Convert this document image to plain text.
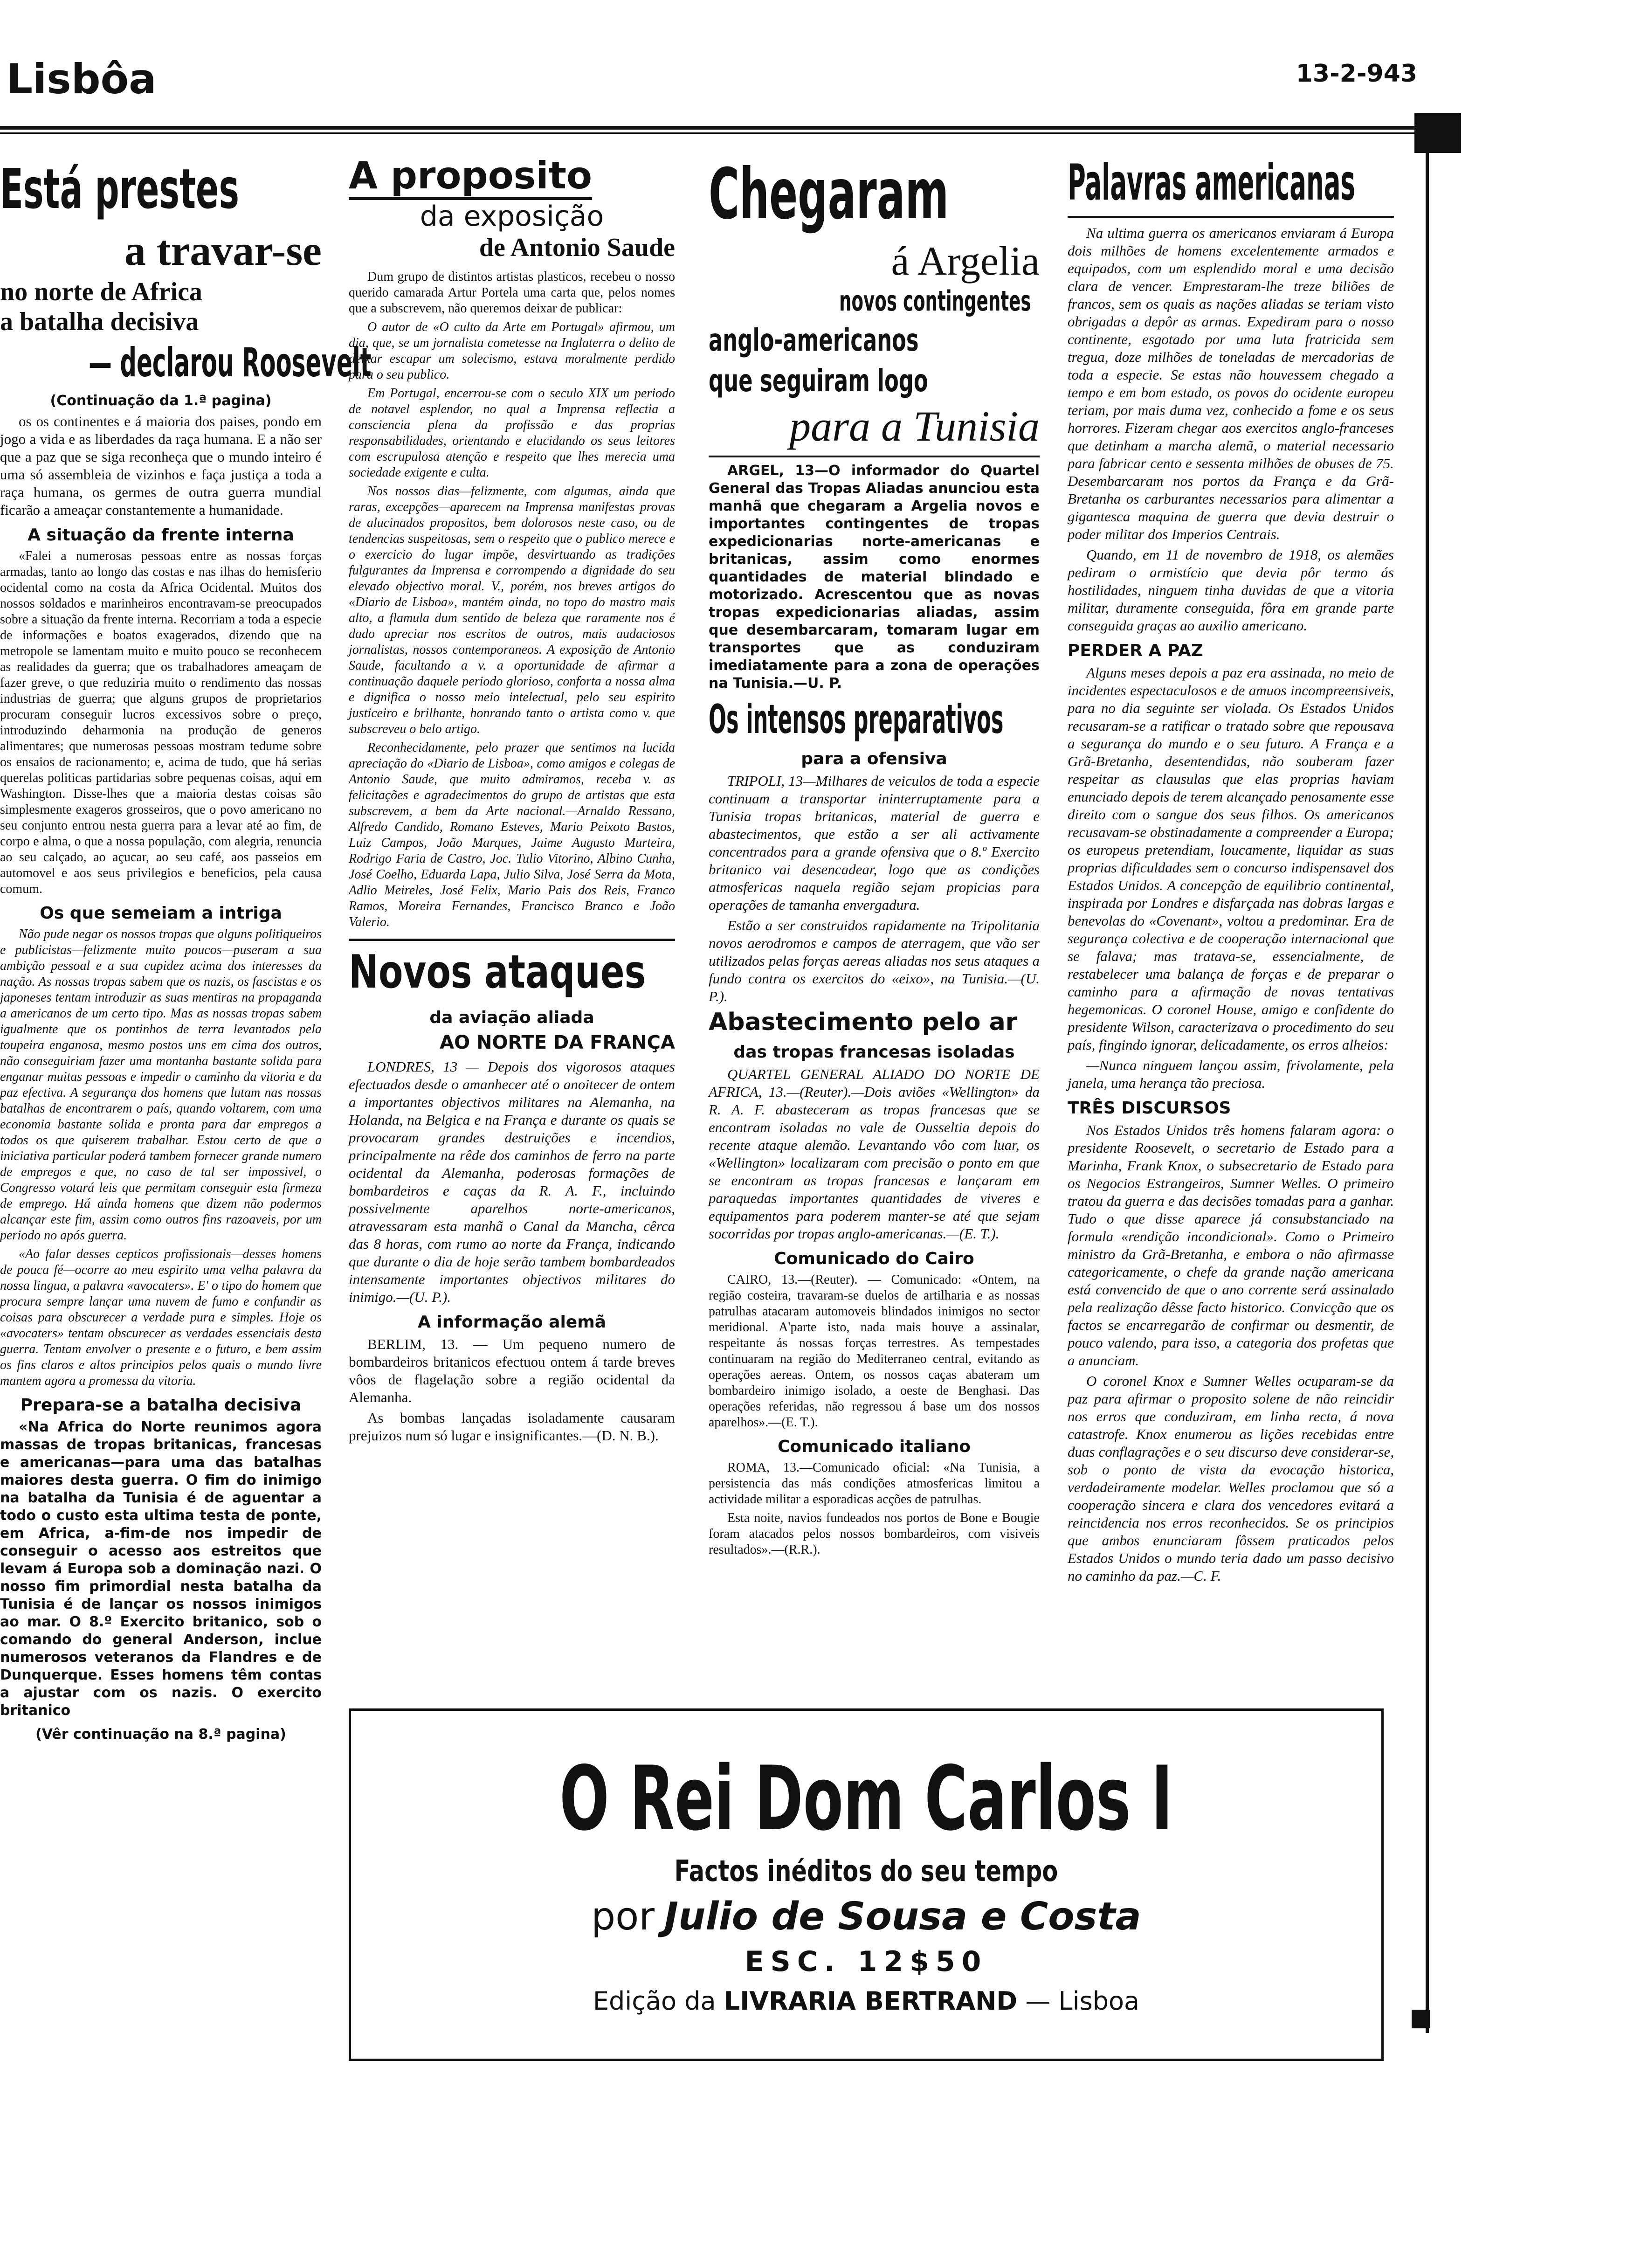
Lisbôa	13-2-943
Está prestes
a travar-se
no norte de Africa
a batalha decisiva
— declarou Roosevelt
(Continuação da 1.ª pagina)

os os continentes e á maioria dos paises, pondo em jogo a vida e as liberdades da raça humana. E a não ser que a paz que se siga reconheça que o mundo inteiro é uma só assembleia de vizinhos e faça justiça a toda a raça humana, os germes de outra guerra mundial ficarão a ameaçar constantemente a humanidade.

A situação da frente interna

«Falei a numerosas pessoas entre as nossas forças armadas, tanto ao longo das costas e nas ilhas do hemisferio ocidental como na costa da Africa Ocidental. Muitos dos nossos soldados e marinheiros encontravam-se preocupados sobre a situação da frente interna. Recorriam a toda a especie de informações e boatos exagerados, dizendo que na metropole se lamentam muito e muito pouco se reconhecem as realidades da guerra; que os trabalhadores ameaçam de fazer greve, o que reduziria muito o rendimento das nossas industrias de guerra; que alguns grupos de proprietarios procuram conseguir lucros excessivos sobre o preço, introduzindo deharmonia na produção de generos alimentares; que numerosas pessoas mostram tedume sobre os ensaios de racionamento; e, acima de tudo, que há serias querelas politicas partidarias sobre pequenas coisas, aqui em Washington. Disse-lhes que a maioria destas coisas são simplesmente exageros grosseiros, que o povo americano no seu conjunto entrou nesta guerra para a levar até ao fim, de corpo e alma, o que a nossa população, com alegria, renuncia ao seu calçado, ao açucar, ao seu café, aos passeios em automovel e aos seus privilegios e beneficios, pela causa comum.

Os que semeiam a intriga

Não pude negar os nossos tropas que alguns politiqueiros e publicistas—felizmente muito poucos—puseram a sua ambição pessoal e a sua cupidez acima dos interesses da nação. As nossas tropas sabem que os nazis, os fascistas e os japoneses tentam introduzir as suas mentiras na propaganda a americanos de um certo tipo. Mas as nossas tropas sabem igualmente que os pontinhos de terra levantados pela toupeira enganosa, mesmo postos uns em cima dos outros, não conseguiriam fazer uma montanha bastante solida para enganar muitas pessoas e impedir o caminho da vitoria e da paz efectiva. A segurança dos homens que lutam nas nossas batalhas de encontrarem o país, quando voltarem, com uma economia bastante solida e pronta para dar empregos a todos os que quiserem trabalhar. Estou certo de que a iniciativa particular poderá tambem fornecer grande numero de empregos e que, no caso de tal ser impossivel, o Congresso votará leis que permitam conseguir esta firmeza de emprego. Há ainda homens que dizem não podermos alcançar este fim, assim como outros fins razoaveis, por um periodo no após guerra.

«Ao falar desses cepticos profissionais—desses homens de pouca fé—ocorre ao meu espirito uma velha palavra da nossa lingua, a palavra «avocaters». E' o tipo do homem que procura sempre lançar uma nuvem de fumo e confundir as coisas para obscurecer a verdade pura e simples. Hoje os «avocaters» tentam obscurecer as verdades essenciais desta guerra. Tentam envolver o presente e o futuro, e bem assim os fins claros e altos principios pelos quais o mundo livre mantem agora a promessa da vitoria.

Prepara-se a batalha decisiva

«Na Africa do Norte reunimos agora massas de tropas britanicas, francesas e americanas—para uma das batalhas maiores desta guerra. O fim do inimigo na batalha da Tunisia é de aguentar a todo o custo esta ultima testa de ponte, em Africa, a-fim-de nos impedir de conseguir o acesso aos estreitos que levam á Europa sob a dominação nazi. O nosso fim primordial nesta batalha da Tunisia é de lançar os nossos inimigos ao mar. O 8.º Exercito britanico, sob o comando do general Anderson, inclue numerosos veteranos da Flandres e de Dunquerque. Esses homens têm contas a ajustar com os nazis. O exercito britanico

(Vêr continuação na 8.ª pagina)
A proposito
da exposição
de Antonio Saude

Dum grupo de distintos artistas plasticos, recebeu o nosso querido camarada Artur Portela uma carta que, pelos nomes que a subscrevem, não queremos deixar de publicar:

O autor de «O culto da Arte em Portugal» afirmou, um dia, que, se um jornalista cometesse na Inglaterra o delito de deixar escapar um solecismo, estava moralmente perdido para o seu publico.

Em Portugal, encerrou-se com o seculo XIX um periodo de notavel esplendor, no qual a Imprensa reflectia a consciencia plena da profissão e das proprias responsabilidades, orientando e elucidando os seus leitores com escrupulosa atenção e respeito que lhes merecia uma sociedade exigente e culta.

Nos nossos dias—felizmente, com algumas, ainda que raras, excepções—aparecem na Imprensa manifestas provas de alucinados propositos, bem dolorosos neste caso, ou de tendencias suspeitosas, sem o respeito que o publico merece e o exercicio do lugar impõe, desvirtuando as tradições fulgurantes da Imprensa e corrompendo a dignidade do seu elevado objectivo moral. V., porém, nos breves artigos do «Diario de Lisboa», mantém ainda, no topo do mastro mais alto, a flamula dum sentido de beleza que raramente nos é dado apreciar nos escritos de outros, mais audaciosos jornalistas, nossos contemporaneos. A exposição de Antonio Saude, facultando a v. a oportunidade de afirmar a continuação daquele periodo glorioso, conforta a nossa alma e dignifica o nosso meio intelectual, pelo seu espirito justiceiro e brilhante, honrando tanto o artista como v. que subscreveu o belo artigo.

Reconhecidamente, pelo prazer que sentimos na lucida apreciação do «Diario de Lisboa», como amigos e colegas de Antonio Saude, que muito admiramos, receba v. as felicitações e agradecimentos do grupo de artistas que esta subscrevem, a bem da Arte nacional.—Arnaldo Ressano, Alfredo Candido, Romano Esteves, Mario Peixoto Bastos, Luiz Campos, João Marques, Jaime Augusto Murteira, Rodrigo Faria de Castro, Joc. Tulio Vitorino, Albino Cunha, José Coelho, Eduarda Lapa, Julio Silva, José Serra da Mota, Adlio Meireles, José Felix, Mario Pais dos Reis, Franco Ramos, Moreira Fernandes, Francisco Branco e João Valerio.

Novos ataques
da aviação aliada
AO NORTE DA FRANÇA

LONDRES, 13 — Depois dos vigorosos ataques efectuados desde o amanhecer até o anoitecer de ontem a importantes objectivos militares na Alemanha, na Holanda, na Belgica e na França e durante os quais se provocaram grandes destruições e incendios, principalmente na rêde dos caminhos de ferro na parte ocidental da Alemanha, poderosas formações de bombardeiros e caças da R. A. F., incluindo possivelmente aparelhos norte-americanos, atravessaram esta manhã o Canal da Mancha, cêrca das 8 horas, com rumo ao norte da França, indicando que durante o dia de hoje serão tambem bombardeados intensamente importantes objectivos militares do inimigo.—(U. P.).

A informação alemã

BERLIM, 13. — Um pequeno numero de bombardeiros britanicos efectuou ontem á tarde breves vôos de flagelação sobre a região ocidental da Alemanha.

As bombas lançadas isoladamente causaram prejuizos num só lugar e insignificantes.—(D. N. B.).

Chegaram
á Argelia
novos contingentes
anglo-americanos
que seguiram logo
para a Tunisia

ARGEL, 13—O informador do Quartel General das Tropas Aliadas anunciou esta manhã que chegaram a Argelia novos e importantes contingentes de tropas expedicionarias norte-americanas e britanicas, assim como enormes quantidades de material blindado e motorizado. Acrescentou que as novas tropas expedicionarias aliadas, assim que desembarcaram, tomaram lugar em transportes que as conduziram imediatamente para a zona de operações na Tunisia.—U. P.

Os intensos preparativos
para a ofensiva

TRIPOLI, 13—Milhares de veiculos de toda a especie continuam a transportar ininterruptamente para a Tunisia tropas britanicas, material de guerra e abastecimentos, que estão a ser ali activamente concentrados para a grande ofensiva que o 8.º Exercito britanico vai desencadear, logo que as condições atmosfericas naquela região sejam propicias para operações de tamanha envergadura.

Estão a ser construidos rapidamente na Tripolitania novos aerodromos e campos de aterragem, que vão ser utilizados pelas forças aereas aliadas nos seus ataques a fundo contra os exercitos do «eixo», na Tunisia.—(U. P.).

Abastecimento pelo ar
das tropas francesas isoladas

QUARTEL GENERAL ALIADO DO NORTE DE AFRICA, 13.—(Reuter).—Dois aviões «Wellington» da R. A. F. abasteceram as tropas francesas que se encontram isoladas no vale de Ousseltia depois do recente ataque alemão. Levantando vôo com luar, os «Wellington» localizaram com precisão o ponto em que se encontram as tropas francesas e lançaram em paraquedas importantes quantidades de viveres e equipamentos para poderem manter-se até que sejam socorridas por tropas anglo-americanas.—(E. T.).

Comunicado do Cairo

CAIRO, 13.—(Reuter). — Comunicado: «Ontem, na região costeira, travaram-se duelos de artilharia e as nossas patrulhas atacaram automoveis blindados inimigos no sector meridional. A'parte isto, nada mais houve a assinalar, respeitante ás nossas forças terrestres. As tempestades continuaram na região do Mediterraneo central, evitando as operações aereas. Ontem, os nossos caças abateram um bombardeiro inimigo isolado, a oeste de Benghasi. Das operações referidas, não regressou á base um dos nossos aparelhos».—(E. T.).

Comunicado italiano

ROMA, 13.—Comunicado oficial: «Na Tunisia, a persistencia das más condições atmosfericas limitou a actividade militar a esporadicas acções de patrulhas.

Esta noite, navios fundeados nos portos de Bone e Bougie foram atacados pelos nossos bombardeiros, com visiveis resultados».—(R.R.).

Palavras americanas

Na ultima guerra os americanos enviaram á Europa dois milhões de homens excelentemente armados e equipados, com um esplendido moral e uma decisão clara de vencer. Emprestaram-lhe treze biliões de francos, sem os quais as nações aliadas se teriam visto obrigadas a depôr as armas. Expediram para o nosso continente, esgotado por uma luta fratricida sem tregua, doze milhões de toneladas de mercadorias de toda a especie. Se estas não houvessem chegado a tempo e em bom estado, os povos do ocidente europeu teriam, por mais duma vez, conhecido a fome e os seus horrores. Fizeram chegar aos exercitos anglo-franceses que detinham a marcha alemã, o material necessario para fabricar cento e sessenta milhões de obuses de 75. Desembarcaram nos portos da França e da Grã-Bretanha os carburantes necessarios para alimentar a gigantesca maquina de guerra que devia destruir o poder militar dos Imperios Centrais.

Quando, em 11 de novembro de 1918, os alemães pediram o armistício que devia pôr termo ás hostilidades, ninguem tinha duvidas de que a vitoria militar, duramente conseguida, fôra em grande parte conseguida graças ao auxilio americano.

PERDER A PAZ

Alguns meses depois a paz era assinada, no meio de incidentes espectaculosos e de amuos incompreensiveis, para no dia seguinte ser violada. Os Estados Unidos recusaram-se a ratificar o tratado sobre que repousava a segurança do mundo e o seu futuro. A França e a Grã-Bretanha, desentendidas, não souberam fazer respeitar as clausulas que elas proprias haviam enunciado depois de terem alcançado penosamente esse direito com o sangue dos seus filhos. Os americanos recusavam-se obstinadamente a compreender a Europa; os europeus pretendiam, loucamente, liquidar as suas proprias dificuldades sem o concurso indispensavel dos Estados Unidos. A concepção de equilibrio continental, inspirada por Londres e disfarçada nas dobras largas e benevolas do «Covenant», voltou a predominar. Era de segurança colectiva e de cooperação internacional que se falava; mas tratava-se, essencialmente, de restabelecer uma balança de forças e de preparar o caminho para a afirmação de novas tentativas hegemonicas. O coronel House, amigo e confidente do presidente Wilson, caracterizava o procedimento do seu país, fingindo ignorar, delicadamente, os erros alheios:

—Nunca ninguem lançou assim, frivolamente, pela janela, uma herança tão preciosa.

TRÊS DISCURSOS

Nos Estados Unidos três homens falaram agora: o presidente Roosevelt, o secretario de Estado para a Marinha, Frank Knox, o subsecretario de Estado para os Negocios Estrangeiros, Sumner Welles. O primeiro tratou da guerra e das decisões tomadas para a ganhar. Tudo o que disse aparece já consubstanciado na formula «rendição incondicional». Como o Primeiro ministro da Grã-Bretanha, e embora o não afirmasse categoricamente, o chefe da grande nação americana está convencido de que o ano corrente será assinalado pela realização dêsse facto historico. Convicção que os factos se encarregarão de confirmar ou desmentir, de pouco valendo, para isso, a categoria dos profetas que a anunciam.

O coronel Knox e Sumner Welles ocuparam-se da paz para afirmar o proposito solene de não reincidir nos erros que conduziram, em linha recta, á nova catastrofe. Knox enumerou as lições recebidas entre duas conflagrações e o seu discurso deve considerar-se, sob o ponto de vista da evocação historica, verdadeiramente modelar. Welles proclamou que só a cooperação sincera e clara dos vencedores evitará a reincidencia nos erros reconhecidos. Se os principios que ambos enunciaram fôssem praticados pelos Estados Unidos o mundo teria dado um passo decisivo no caminho da paz.—C. F.

O Rei Dom Carlos I
Factos inéditos do seu tempo
por Julio de Sousa e Costa
ESC. 12$50
Edição da LIVRARIA BERTRAND — Lisboa
